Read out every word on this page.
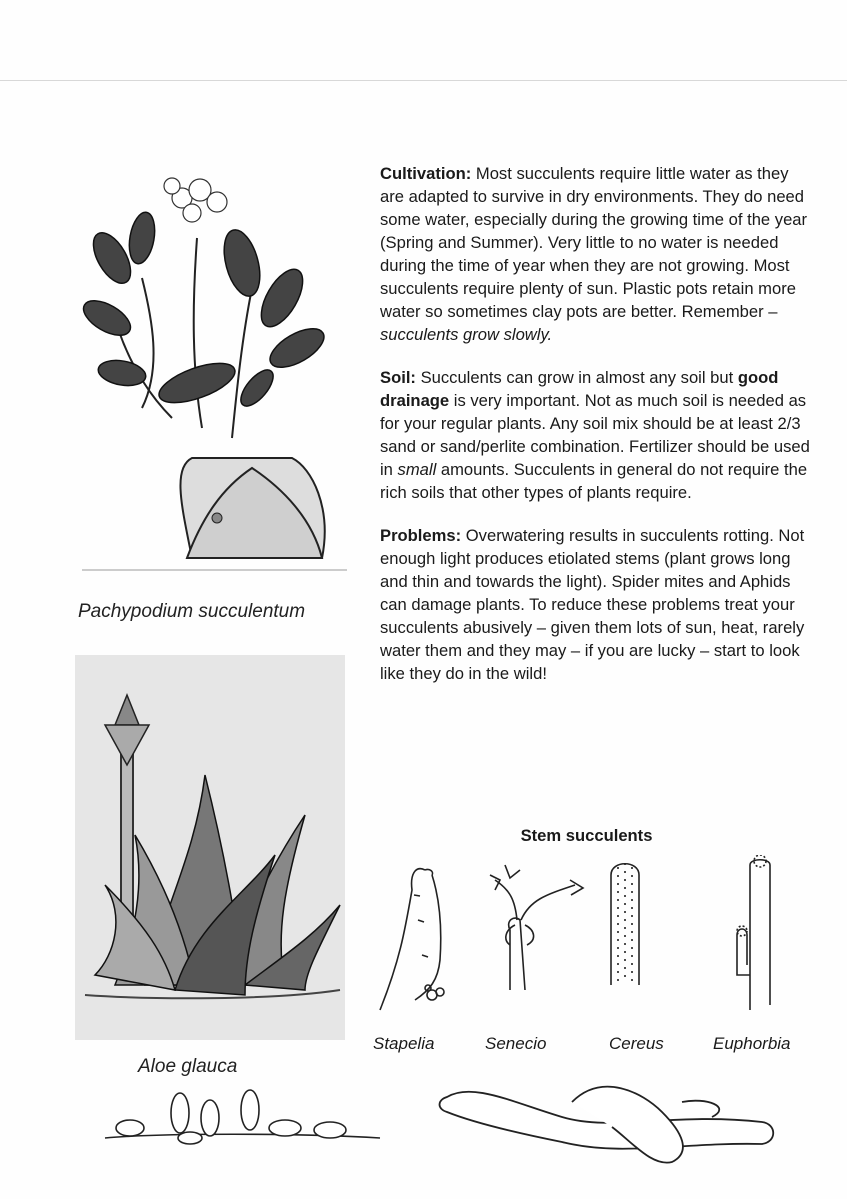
Pachypodium succulentum
Aloe glauca

Cultivation: Most succulents require little water as they are adapted to survive in dry environments. They do need some water, especially during the growing time of the year (Spring and Summer). Very little to no water is needed during the time of year when they are not growing. Most succulents require plenty of sun. Plastic pots retain more water so sometimes clay pots are better. Remember – succulents grow slowly.

Soil: Succulents can grow in almost any soil but good drainage is very important. Not as much soil is needed as for your regular plants. Any soil mix should be at least 2/3 sand or sand/perlite combination. Fertilizer should be used in small amounts. Succulents in general do not require the rich soils that other types of plants require.

Problems: Overwatering results in succulents rotting. Not enough light produces etiolated stems (plant grows long and thin and towards the light). Spider mites and Aphids can damage plants. To reduce these problems treat your succulents abusively – given them lots of sun, heat, rarely water them and they may – if you are lucky – start to look like they do in the wild!

Stem succulents
Stapelia	Senecio	Cereus	Euphorbia
